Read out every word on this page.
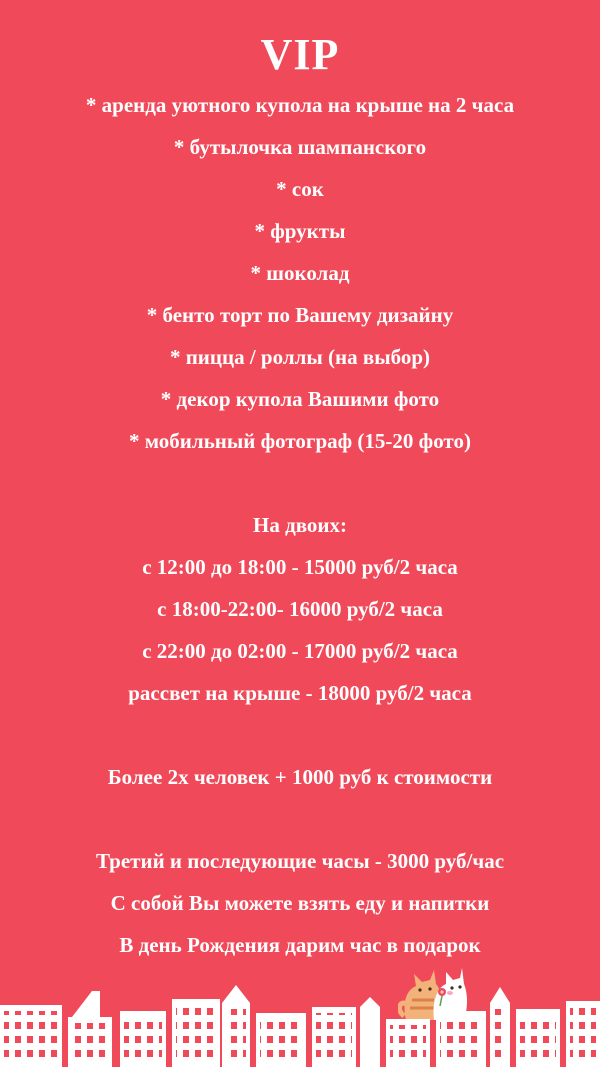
VIP
* аренда уютного купола на крыше на 2 часа
* бутылочка шампанского
* сок
* фрукты
* шоколад
* бенто торт по Вашему дизайну
* пицца / роллы (на выбор)
* декор купола Вашими фото
* мобильный фотограф (15-20 фото)
На двоих:
с 12:00 до 18:00 - 15000 руб/2 часа
с 18:00-22:00- 16000 руб/2 часа
с 22:00 до 02:00 - 17000 руб/2 часа
рассвет на крыше - 18000 руб/2 часа
Более 2х человек + 1000 руб к стоимости
Третий и последующие часы - 3000 руб/час
С собой Вы можете взять еду и напитки
В день Рождения дарим час в подарок
